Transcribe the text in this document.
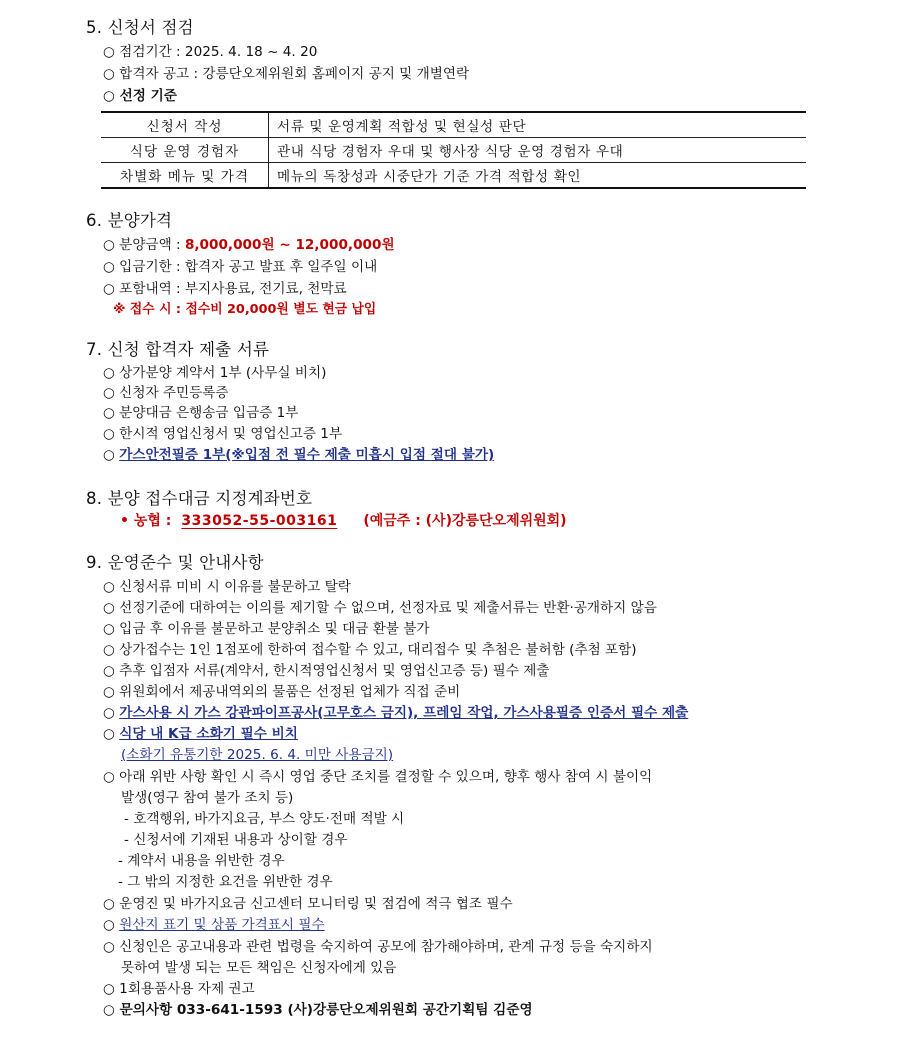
5. 신청서 점검
○ 점검기간 : 2025. 4. 18 ~ 4. 20
○ 합격자 공고 : 강릉단오제위원회 홈페이지 공지 및 개별연락
○ 선정 기준
신청서 작성	서류 및 운영계획 적합성 및 현실성 판단
식당 운영 경험자	관내 식당 경험자 우대 및 행사장 식당 운영 경험자 우대
차별화 메뉴 및 가격	메뉴의 독창성과 시중단가 기준 가격 적합성 확인
6. 분양가격
○ 분양금액 : 8,000,000원 ~ 12,000,000원
○ 입금기한 : 합격자 공고 발표 후 일주일 이내
○ 포함내역 : 부지사용료, 전기료, 천막료
※ 접수 시 : 접수비 20,000원 별도 현금 납입
7. 신청 합격자 제출 서류
○ 상가분양 계약서 1부 (사무실 비치)
○ 신청자 주민등록증
○ 분양대금 은행송금 입금증 1부
○ 한시적 영업신청서 및 영업신고증 1부
○ 가스안전필증 1부(※입점 전 필수 제출 미흡시 입점 절대 불가)
8. 분양 접수대금 지정계좌번호
• 농협 : 333052-55-003161 (예금주 : (사)강릉단오제위원회)
9. 운영준수 및 안내사항
○ 신청서류 미비 시 이유를 불문하고 탈락
○ 선정기준에 대하여는 이의를 제기할 수 없으며, 선정자료 및 제출서류는 반환·공개하지 않음
○ 입금 후 이유를 불문하고 분양취소 및 대금 환불 불가
○ 상가접수는 1인 1점포에 한하여 접수할 수 있고, 대리접수 및 추첨은 불허함 (추첨 포함)
○ 추후 입점자 서류(계약서, 한시적영업신청서 및 영업신고증 등) 필수 제출
○ 위원회에서 제공내역외의 물품은 선정된 업체가 직접 준비
○ 가스사용 시 가스 강관파이프공사(고무호스 금지), 프레임 작업, 가스사용필증 인증서 필수 제출
○ 식당 내 K급 소화기 필수 비치
(소화기 유통기한 2025. 6. 4. 미만 사용금지)
○ 아래 위반 사항 확인 시 즉시 영업 중단 조치를 결정할 수 있으며, 향후 행사 참여 시 불이익
발생(영구 참여 불가 조치 등)
- 호객행위, 바가지요금, 부스 양도·전매 적발 시
- 신청서에 기재된 내용과 상이할 경우
- 계약서 내용을 위반한 경우
- 그 밖의 지정한 요건을 위반한 경우
○ 운영진 및 바가지요금 신고센터 모니터링 및 점검에 적극 협조 필수
○ 원산지 표기 및 상품 가격표시 필수
○ 신청인은 공고내용과 관련 법령을 숙지하여 공모에 참가해야하며, 관계 규정 등을 숙지하지
못하여 발생 되는 모든 책임은 신청자에게 있음
○ 1회용품사용 자제 권고
○ 문의사항 033-641-1593 (사)강릉단오제위원회 공간기획팀 김준영
